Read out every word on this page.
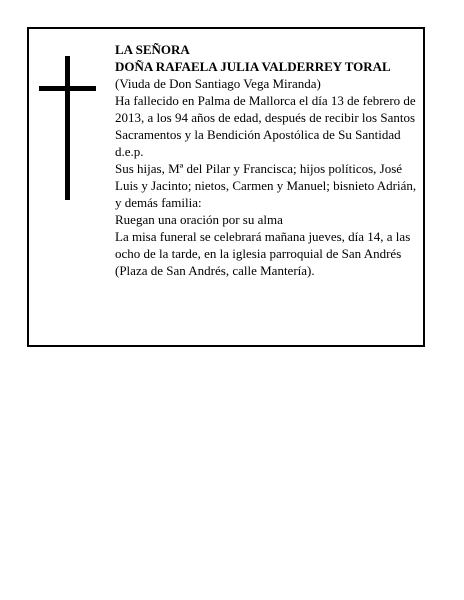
LA SEÑORA
DOÑA RAFAELA JULIA VALDERREY TORAL
(Viuda de Don Santiago Vega Miranda)
Ha fallecido en Palma de Mallorca el día 13 de febrero de 2013, a los 94 años de edad, después de recibir los Santos Sacramentos y la Bendición Apostólica de Su Santidad
d.e.p.
Sus hijas, Mª del Pilar y Francisca; hijos políticos, José Luis y Jacinto; nietos, Carmen y Manuel; bisnieto Adrián, y demás familia:
Ruegan una oración por su alma
La misa funeral se celebrará mañana jueves, día 14, a las ocho de la tarde, en la iglesia parroquial de San Andrés (Plaza de San Andrés, calle Mantería).
